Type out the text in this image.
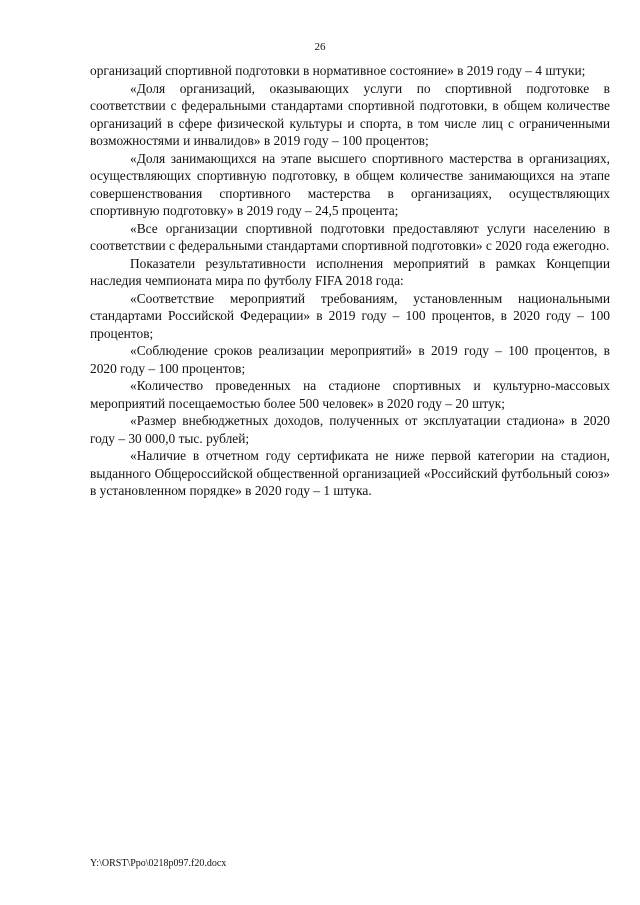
26

организаций спортивной подготовки в нормативное состояние» в 2019 году – 4 штуки;

«Доля организаций, оказывающих услуги по спортивной подготовке в соответствии с федеральными стандартами спортивной подготовки, в общем количестве организаций в сфере физической культуры и спорта, в том числе лиц с ограниченными возможностями и инвалидов» в 2019 году – 100 процентов;

«Доля занимающихся на этапе высшего спортивного мастерства в организациях, осуществляющих спортивную подготовку, в общем количестве занимающихся на этапе совершенствования спортивного мастерства в организациях, осуществляющих спортивную подготовку» в 2019 году – 24,5 процента;

«Все организации спортивной подготовки предоставляют услуги населению в соответствии с федеральными стандартами спортивной подготовки» с 2020 года ежегодно.

Показатели результативности исполнения мероприятий в рамках Концепции наследия чемпионата мира по футболу FIFA 2018 года:

«Соответствие мероприятий требованиям, установленным национальными стандартами Российской Федерации» в 2019 году – 100 процентов, в 2020 году – 100 процентов;

«Соблюдение сроков реализации мероприятий» в 2019 году – 100 процентов, в 2020 году – 100 процентов;

«Количество проведенных на стадионе спортивных и культурно-массовых мероприятий посещаемостью более 500 человек» в 2020 году – 20 штук;

«Размер внебюджетных доходов, полученных от эксплуатации стадиона» в 2020 году – 30 000,0 тыс. рублей;

«Наличие в отчетном году сертификата не ниже первой категории на стадион, выданного Общероссийской общественной организацией «Российский футбольный союз» в установленном порядке» в 2020 году – 1 штука.

Y:\ORST\Ppo\0218p097.f20.docx
